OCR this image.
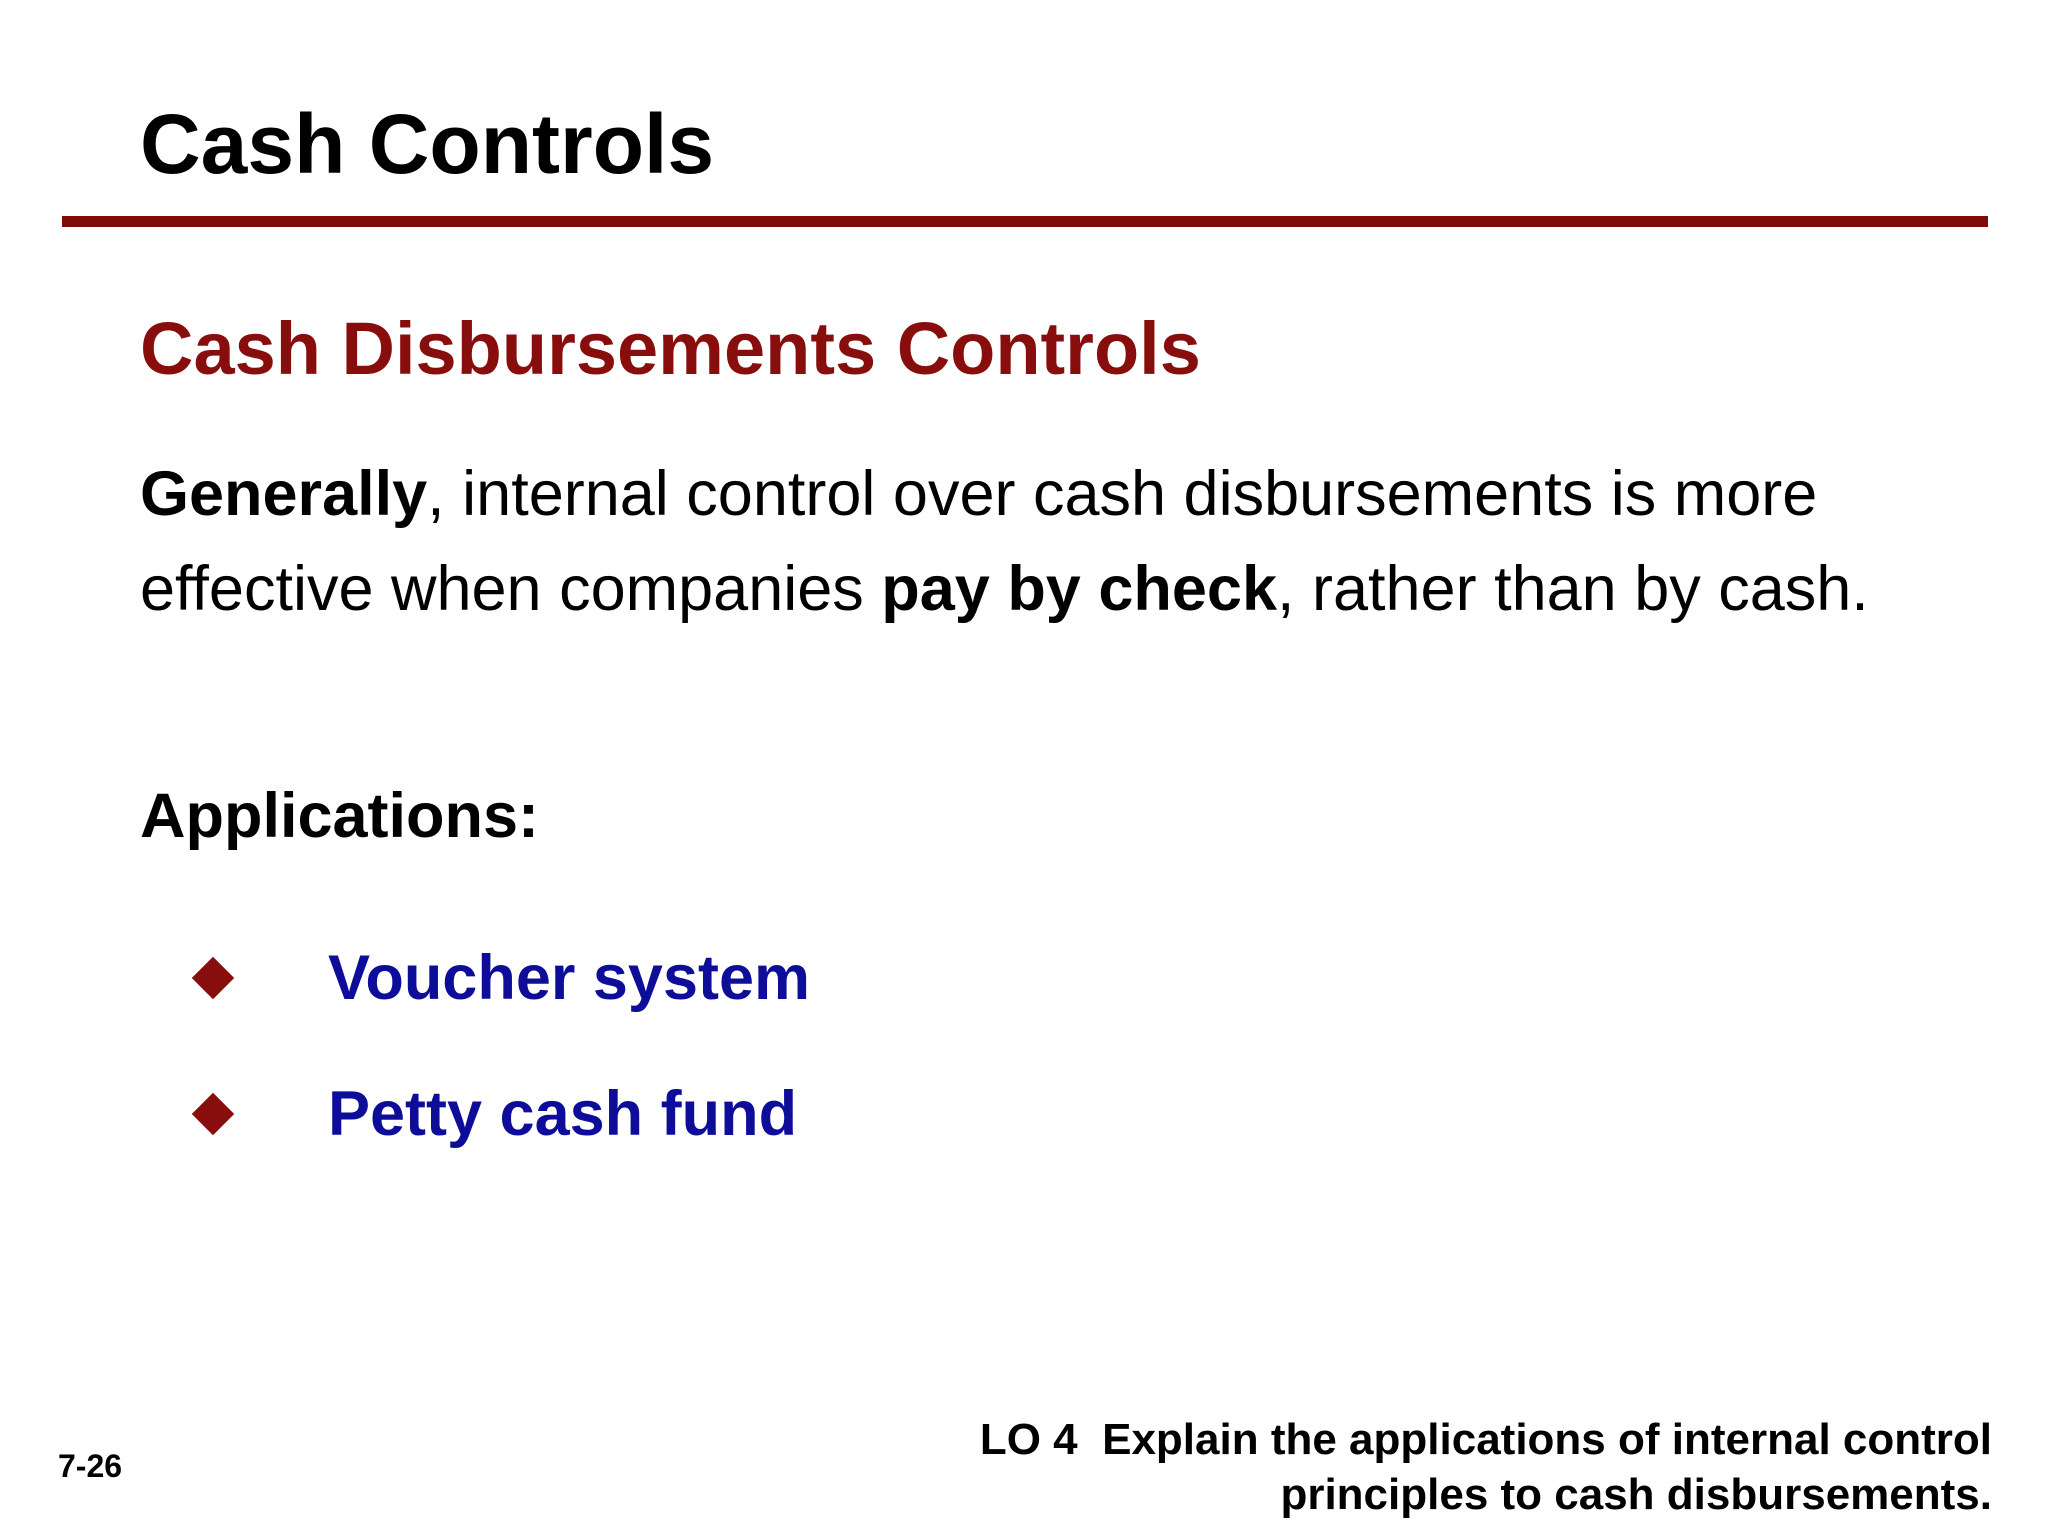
Cash Controls
Cash Disbursements Controls

Generally, internal control over cash disbursements is more effective when companies pay by check, rather than by cash.

Applications:
Voucher system
Petty cash fund
7-26
LO 4  Explain the applications of internal control
principles to cash disbursements.
